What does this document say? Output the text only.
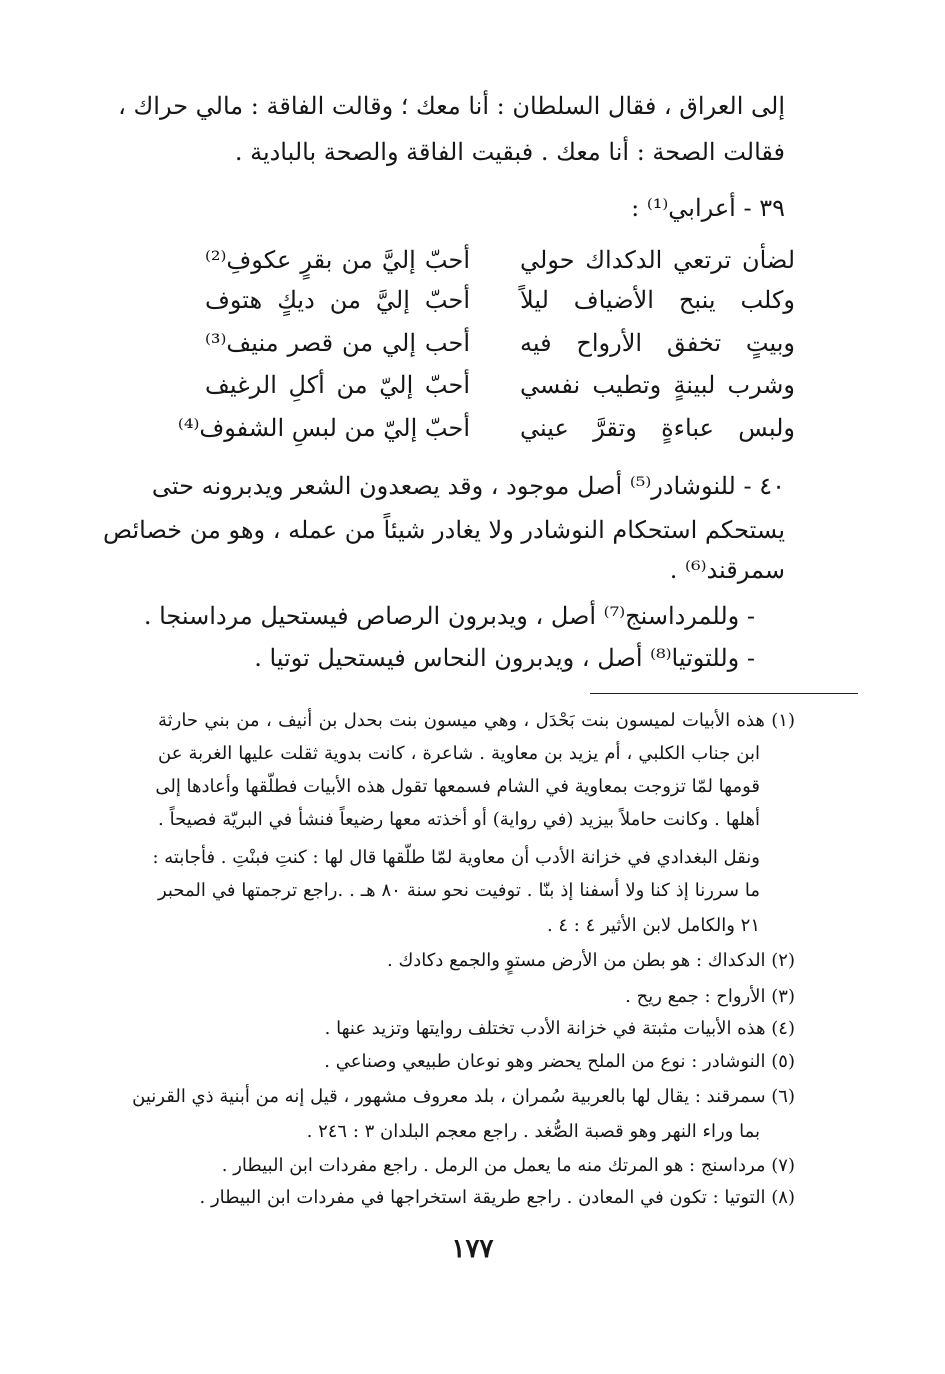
إلى العراق ، فقال السلطان : أنا معك ؛ وقالت الفاقة : مالي حراك ،
فقالت الصحة : أنا معك . فبقيت الفاقة والصحة بالبادية .
٣٩ - أعرابي⁽¹⁾ :
لضأن ترتعي الدكداك حولي
أحبّ إليَّ من بقرٍ عكوفِ⁽²⁾
وكلب ينبح الأضياف ليلاً
أحبّ إليَّ من ديكٍ هتوف
وبيتٍ تخفق الأرواح فيه
أحب إلي من قصر منيف⁽³⁾
وشرب لبينةٍ وتطيب نفسي
أحبّ إليّ من أكلِ الرغيف
ولبس عباءةٍ وتقرَّ عيني
أحبّ إليّ من لبسِ الشفوف⁽⁴⁾
٤٠ - للنوشادر⁽⁵⁾ أصل موجود ، وقد يصعدون الشعر ويدبرونه حتى
يستحكم استحكام النوشادر ولا يغادر شيئاً من عمله ، وهو من خصائص
سمرقند⁽⁶⁾ .
- وللمرداسنج⁽⁷⁾ أصل ، ويدبرون الرصاص فيستحيل مرداسنجا .
- وللتوتيا⁽⁸⁾ أصل ، ويدبرون النحاس فيستحيل توتيا .
(١) هذه الأبيات لميسون بنت بَحْدَل ، وهي ميسون بنت بحدل بن أنيف ، من بني حارثة
ابن جناب الكلبي ، أم يزيد بن معاوية . شاعرة ، كانت بدوية ثقلت عليها الغربة عن
قومها لمّا تزوجت بمعاوية في الشام فسمعها تقول هذه الأبيات فطلّقها وأعادها إلى
أهلها . وكانت حاملاً بيزيد (في رواية) أو أخذته معها رضيعاً فنشأ في البريّة فصيحاً .
ونقل البغدادي في خزانة الأدب أن معاوية لمّا طلّقها قال لها : كنتِ فبنْتِ . فأجابته :
ما سررنا إذ كنا ولا أسفنا إذ بنّا . توفيت نحو سنة ٨٠ هـ . .راجع ترجمتها في المحبر
٢١ والكامل لابن الأثير ٤ : ٤ .
(٢) الدكداك : هو بطن من الأرض مستوٍ والجمع دكادك .
(٣) الأرواح : جمع ريح .
(٤) هذه الأبيات مثبتة في خزانة الأدب تختلف روايتها وتزيد عنها .
(٥) النوشادر : نوع من الملح يحضر وهو نوعان طبيعي وصناعي .
(٦) سمرقند : يقال لها بالعربية سُمران ، بلد معروف مشهور ، قيل إنه من أبنية ذي القرنين
بما وراء النهر وهو قصبة الصُّغد . راجع معجم البلدان ٣ : ٢٤٦ .
(٧) مرداسنج : هو المرتك منه ما يعمل من الرمل . راجع مفردات ابن البيطار .
(٨) التوتيا : تكون في المعادن . راجع طريقة استخراجها في مفردات ابن البيطار .
١٧٧
